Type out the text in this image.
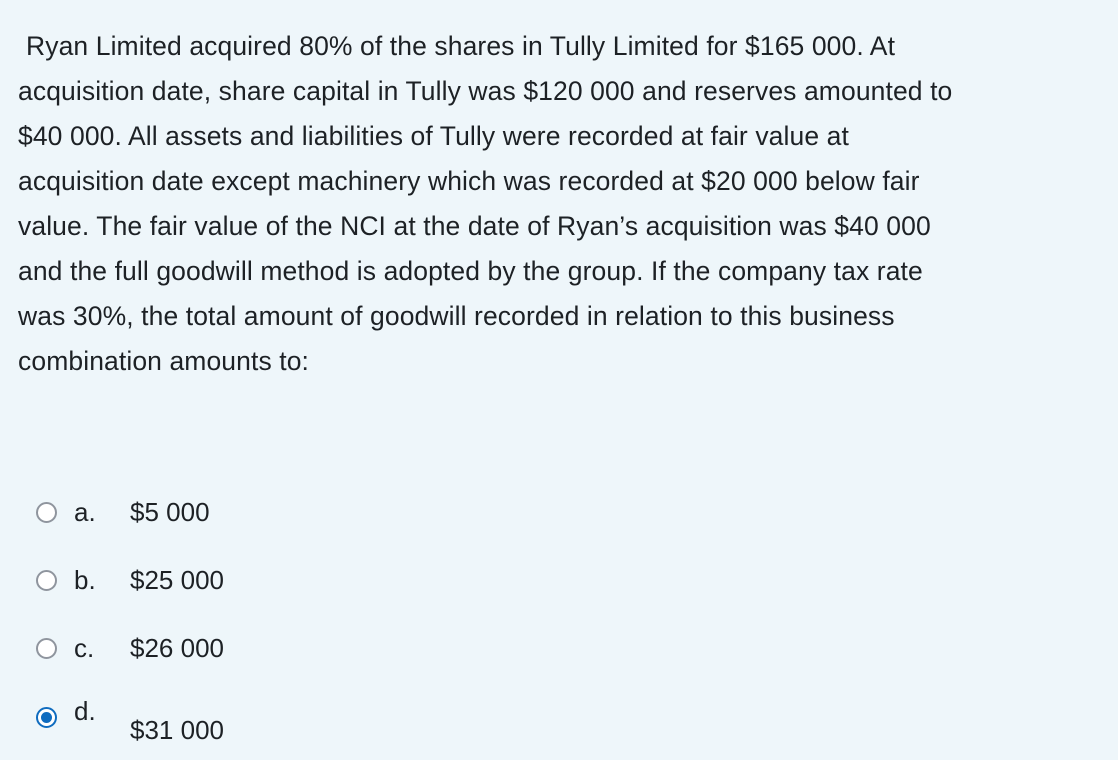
Ryan Limited acquired 80% of the shares in Tully Limited for $165 000. At
acquisition date, share capital in Tully was $120 000 and reserves amounted to
$40 000. All assets and liabilities of Tully were recorded at fair value at
acquisition date except machinery which was recorded at $20 000 below fair
value. The fair value of the NCI at the date of Ryan’s acquisition was $40 000
and the full goodwill method is adopted by the group. If the company tax rate
was 30%, the total amount of goodwill recorded in relation to this business
combination amounts to:
a. $5 000
b. $25 000
c. $26 000
d.
$31 000
